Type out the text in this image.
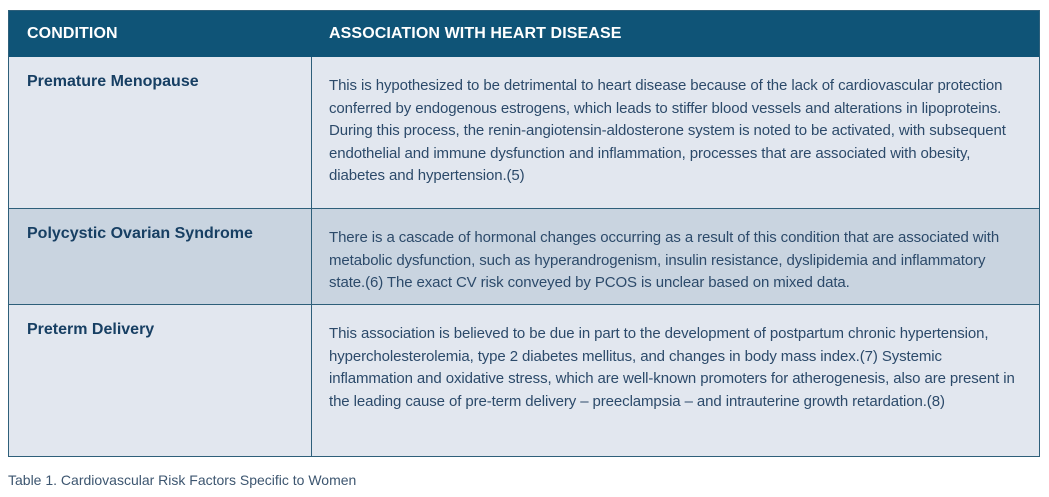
CONDITION	ASSOCIATION WITH HEART DISEASE
Premature Menopause	This is hypothesized to be detrimental to heart disease because of the lack of cardiovascular protection conferred by endogenous estrogens, which leads to stiffer blood vessels and alterations in lipoproteins. During this process, the renin-angiotensin-aldosterone system is noted to be activated, with subsequent endothelial and immune dysfunction and inflammation, processes that are associated with obesity, diabetes and hypertension.(5)
Polycystic Ovarian Syndrome	There is a cascade of hormonal changes occurring as a result of this condition that are associated with metabolic dysfunction, such as hyperandrogenism, insulin resistance, dyslipidemia and inflammatory state.(6) The exact CV risk conveyed by PCOS is unclear based on mixed data.
Preterm Delivery	This association is believed to be due in part to the development of postpartum chronic hypertension, hypercholesterolemia, type 2 diabetes mellitus, and changes in body mass index.(7) Systemic inflammation and oxidative stress, which are well-known promoters for atherogenesis, also are present in the leading cause of pre-term delivery – preeclampsia – and intrauterine growth retardation.(8)
Table 1. Cardiovascular Risk Factors Specific to Women
